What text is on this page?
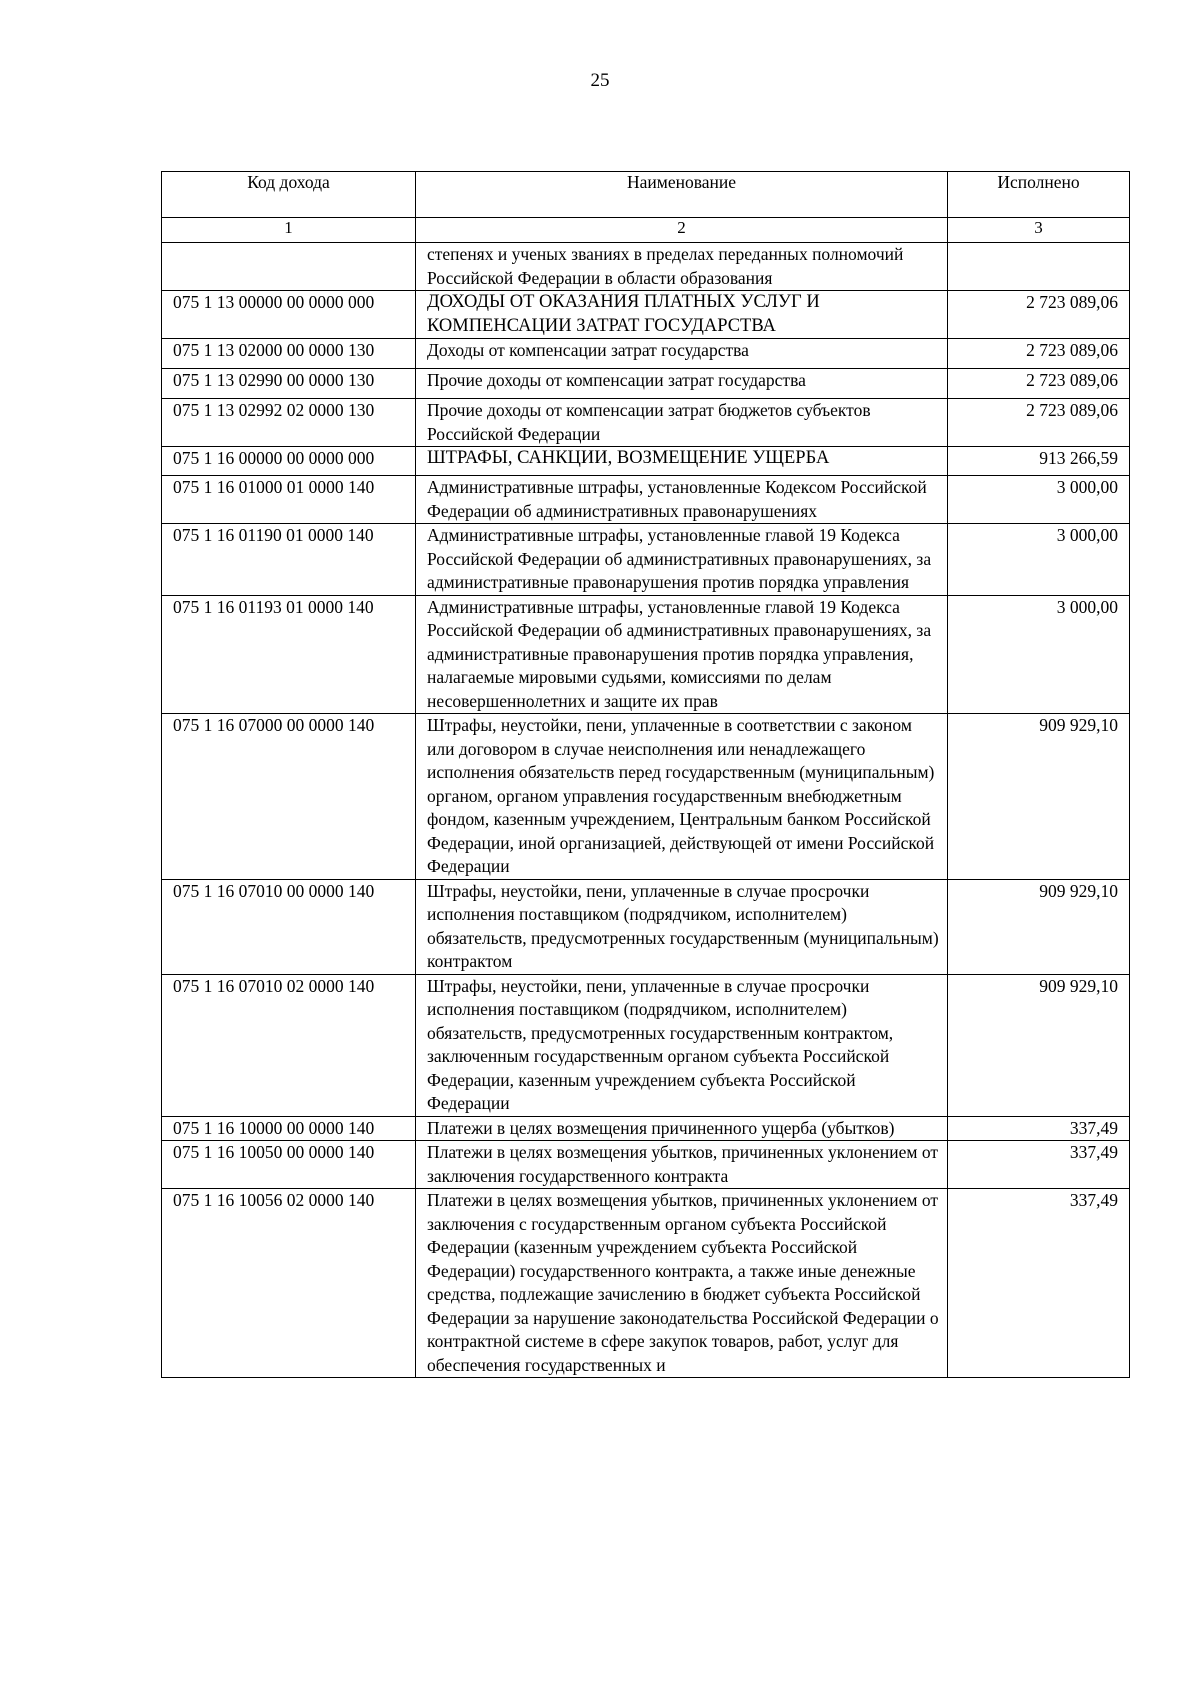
25
Код дохода	Наименование	Исполнено
1	2	3
	степенях и ученых званиях в пределах переданных полномочий Российской Федерации в области образования	
075 1 13 00000 00 0000 000	ДОХОДЫ ОТ ОКАЗАНИЯ ПЛАТНЫХ УСЛУГ И КОМПЕНСАЦИИ ЗАТРАТ ГОСУДАРСТВА	2 723 089,06
075 1 13 02000 00 0000 130	Доходы от компенсации затрат государства	2 723 089,06
075 1 13 02990 00 0000 130	Прочие доходы от компенсации затрат государства	2 723 089,06
075 1 13 02992 02 0000 130	Прочие доходы от компенсации затрат бюджетов субъектов Российской Федерации	2 723 089,06
075 1 16 00000 00 0000 000	ШТРАФЫ, САНКЦИИ, ВОЗМЕЩЕНИЕ УЩЕРБА	913 266,59
075 1 16 01000 01 0000 140	Административные штрафы, установленные Кодексом Российской Федерации об административных правонарушениях	3 000,00
075 1 16 01190 01 0000 140	Административные штрафы, установленные главой 19 Кодекса Российской Федерации об административных правонарушениях, за административные правонарушения против порядка управления	3 000,00
075 1 16 01193 01 0000 140	Административные штрафы, установленные главой 19 Кодекса Российской Федерации об административных правонарушениях, за административные правонарушения против порядка управления, налагаемые мировыми судьями, комиссиями по делам несовершеннолетних и защите их прав	3 000,00
075 1 16 07000 00 0000 140	Штрафы, неустойки, пени, уплаченные в соответствии с законом или договором в случае неисполнения или ненадлежащего исполнения обязательств перед государственным (муниципальным) органом, органом управления государственным внебюджетным фондом, казенным учреждением, Центральным банком Российской Федерации, иной организацией, действующей от имени Российской Федерации	909 929,10
075 1 16 07010 00 0000 140	Штрафы, неустойки, пени, уплаченные в случае просрочки исполнения поставщиком (подрядчиком, исполнителем) обязательств, предусмотренных государственным (муниципальным) контрактом	909 929,10
075 1 16 07010 02 0000 140	Штрафы, неустойки, пени, уплаченные в случае просрочки исполнения поставщиком (подрядчиком, исполнителем) обязательств, предусмотренных государственным контрактом, заключенным государственным органом субъекта Российской Федерации, казенным учреждением субъекта Российской Федерации	909 929,10
075 1 16 10000 00 0000 140	Платежи в целях возмещения причиненного ущерба (убытков)	337,49
075 1 16 10050 00 0000 140	Платежи в целях возмещения убытков, причиненных уклонением от заключения государственного контракта	337,49
075 1 16 10056 02 0000 140	Платежи в целях возмещения убытков, причиненных уклонением от заключения с государственным органом субъекта Российской Федерации (казенным учреждением субъекта Российской Федерации) государственного контракта, а также иные денежные средства, подлежащие зачислению в бюджет субъекта Российской Федерации за нарушение законодательства Российской Федерации о контрактной системе в сфере закупок товаров, работ, услуг для обеспечения государственных и	337,49
